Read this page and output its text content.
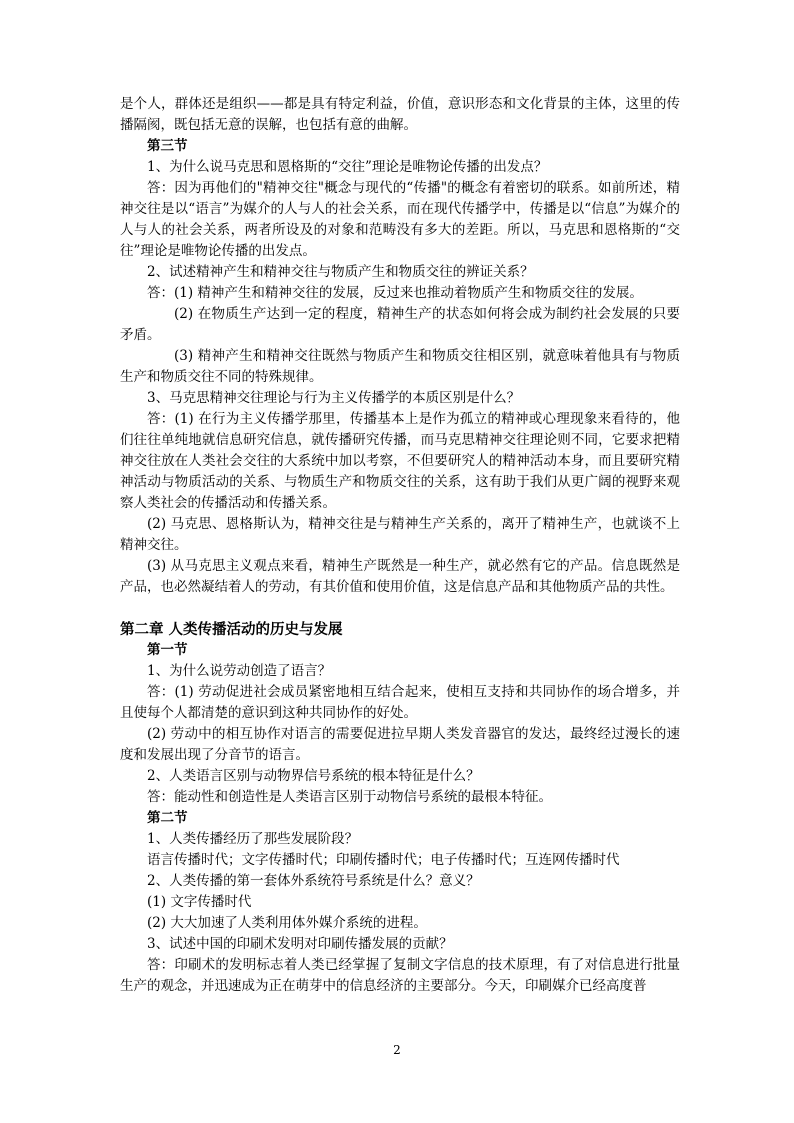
是个人，群体还是组织——都是具有特定利益，价值，意识形态和文化背景的主体，这里的传播隔阂，既包括无意的误解，也包括有意的曲解。

第三节

1、为什么说马克思和恩格斯的“交往”理论是唯物论传播的出发点？

答：因为再他们的"精神交往"概念与现代的“传播"的概念有着密切的联系。如前所述，精神交往是以“语言”为媒介的人与人的社会关系，而在现代传播学中，传播是以“信息”为媒介的人与人的社会关系，两者所设及的对象和范畴没有多大的差距。所以，马克思和恩格斯的“交往”理论是唯物论传播的出发点。

2、试述精神产生和精神交往与物质产生和物质交往的辨证关系？

答：(1) 精神产生和精神交往的发展，反过来也推动着物质产生和物质交往的发展。

(2) 在物质生产达到一定的程度，精神生产的状态如何将会成为制约社会发展的只要矛盾。

(3) 精神产生和精神交往既然与物质产生和物质交往相区别，就意味着他具有与物质生产和物质交往不同的特殊规律。

3、马克思精神交往理论与行为主义传播学的本质区别是什么？

答：(1) 在行为主义传播学那里，传播基本上是作为孤立的精神或心理现象来看待的，他们往往单纯地就信息研究信息，就传播研究传播，而马克思精神交往理论则不同，它要求把精神交往放在人类社会交往的大系统中加以考察，不但要研究人的精神活动本身，而且要研究精神活动与物质活动的关系、与物质生产和物质交往的关系，这有助于我们从更广阔的视野来观察人类社会的传播活动和传播关系。

(2) 马克思、恩格斯认为，精神交往是与精神生产关系的，离开了精神生产，也就谈不上精神交往。

(3) 从马克思主义观点来看，精神生产既然是一种生产，就必然有它的产品。信息既然是产品，也必然凝结着人的劳动，有其价值和使用价值，这是信息产品和其他物质产品的共性。

第二章 人类传播活动的历史与发展

第一节

1、为什么说劳动创造了语言？

答：(1) 劳动促进社会成员紧密地相互结合起来，使相互支持和共同协作的场合增多，并且使每个人都清楚的意识到这种共同协作的好处。

(2) 劳动中的相互协作对语言的需要促进拉早期人类发音器官的发达，最终经过漫长的速度和发展出现了分音节的语言。

2、人类语言区别与动物界信号系统的根本特征是什么？

答：能动性和创造性是人类语言区别于动物信号系统的最根本特征。

第二节

1、人类传播经历了那些发展阶段？

语言传播时代；文字传播时代；印刷传播时代；电子传播时代；互连网传播时代

2、人类传播的第一套体外系统符号系统是什么？意义？

(1) 文字传播时代

(2) 大大加速了人类利用体外媒介系统的进程。

3、试述中国的印刷术发明对印刷传播发展的贡献？

答：印刷术的发明标志着人类已经掌握了复制文字信息的技术原理，有了对信息进行批量生产的观念，并迅速成为正在萌芽中的信息经济的主要部分。今天，印刷媒介已经高度普

2
